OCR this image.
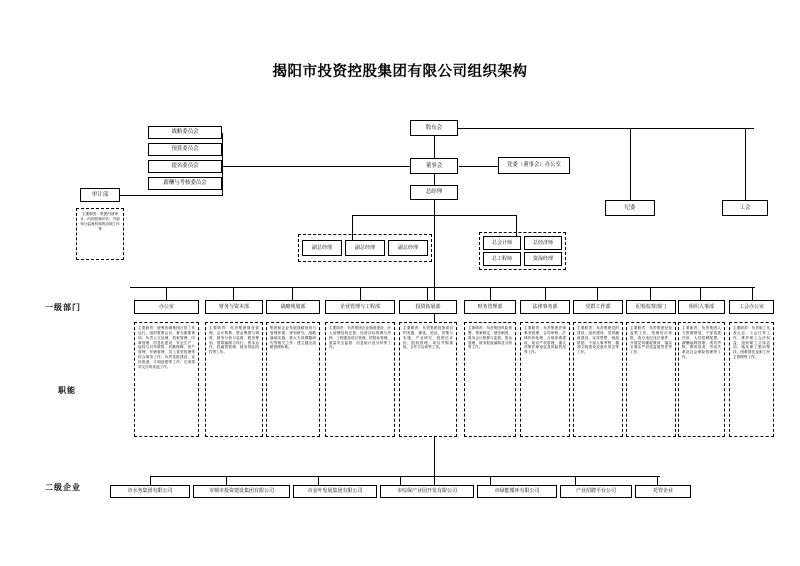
揭阳市投资控股集团有限公司组织架构
一级部门
职能
二级企业
股东会
董事会	党委（董事会）办公室
总经理
纪委	工会
战略委员会
预算委员会
提名委员会
薪酬与考核委员会
审计部
主要职责：集团内部审计、内部控制评价、外部审计监督机构的协调工作等
副总经理	副总经理	副总经理
总会计师	总经济师
总工程师	资深经理
办公室
主要职责：统筹协调集团日常工作运行，组织重要会议，督办重要事项，负责公文处理、档案管理、印章管理、信息化建设、安全生产、接待与对外联络、后勤保障、资产管理、车辆管理、员工食堂管理等综合事务工作；负责党群建设、宣传报道、文明创建等工作；完成领导交办的其他工作。
财务与资本部
主要职责：负责集团财务管理、会计核算、资金筹措与调度、财务分析与监督、税务筹划、预算编制与执行、资本运作、投融资管理、财务风险防控等工作。
战略规划部
集团和企业发展战略规划与管理体系，规划研究、战略落地实施，重大专项课题研究等相关工作；建立健全战略管理体系。
企业管理与工程部
主要职责：负责集团企业制度建设、法人治理结构完善、经营目标管理与考核、工程建设项目管理、招投标管理、质量安全监督、信息统计及分析等工作。
投资拓展部
主要职责：负责集团投资项目的发掘、筛选、论证、决策与实施，产业研究，投资后评价，股权管理，项目并购重组，合作方洽谈等工作。
财务管理部
主要职责：负责集团风险预警、预案制定、财务制度，财务会计核算与监督，资金管理，财务报表编制及分析等工作。
法律事务部
主要职责：负责集团法律事务管理、合同审核、法律纠纷处理、合规体系建设、知识产权管理、重大决策法律论证及风险防范等工作。
党群工作部
主要职责：负责集团党的建设、组织建设、党风廉政建设、宣传思想、统战群团、干部人事考察、精神文明建设及意识形态等工作。
纪检监察部门
主要职责：负责集团纪检监察工作，受理信访举报，查办违纪违法案件，开展党风廉政教育，落实全面从严治党监督责任等工作。
组织人事部
主要职责：负责集团人力资源规划、干部选拔任用、人员招聘配置、薪酬福利管理、绩效考核、教育培训、劳动关系及社会保险管理等工作。
工会办公室
主要职责：负责职工代表大会、工会日常工作，维护职工合法权益，组织职工文体活动，落实职工慰问帮扶、困难帮扶及职工民主管理等工作。
市水务集团有限公司	市城市投资建设集团有限公司	市金叶发展集团有限公司	市综保产业园开发有限公司	市绿能循环有限公司	产业招聘平台公司	托管企业
